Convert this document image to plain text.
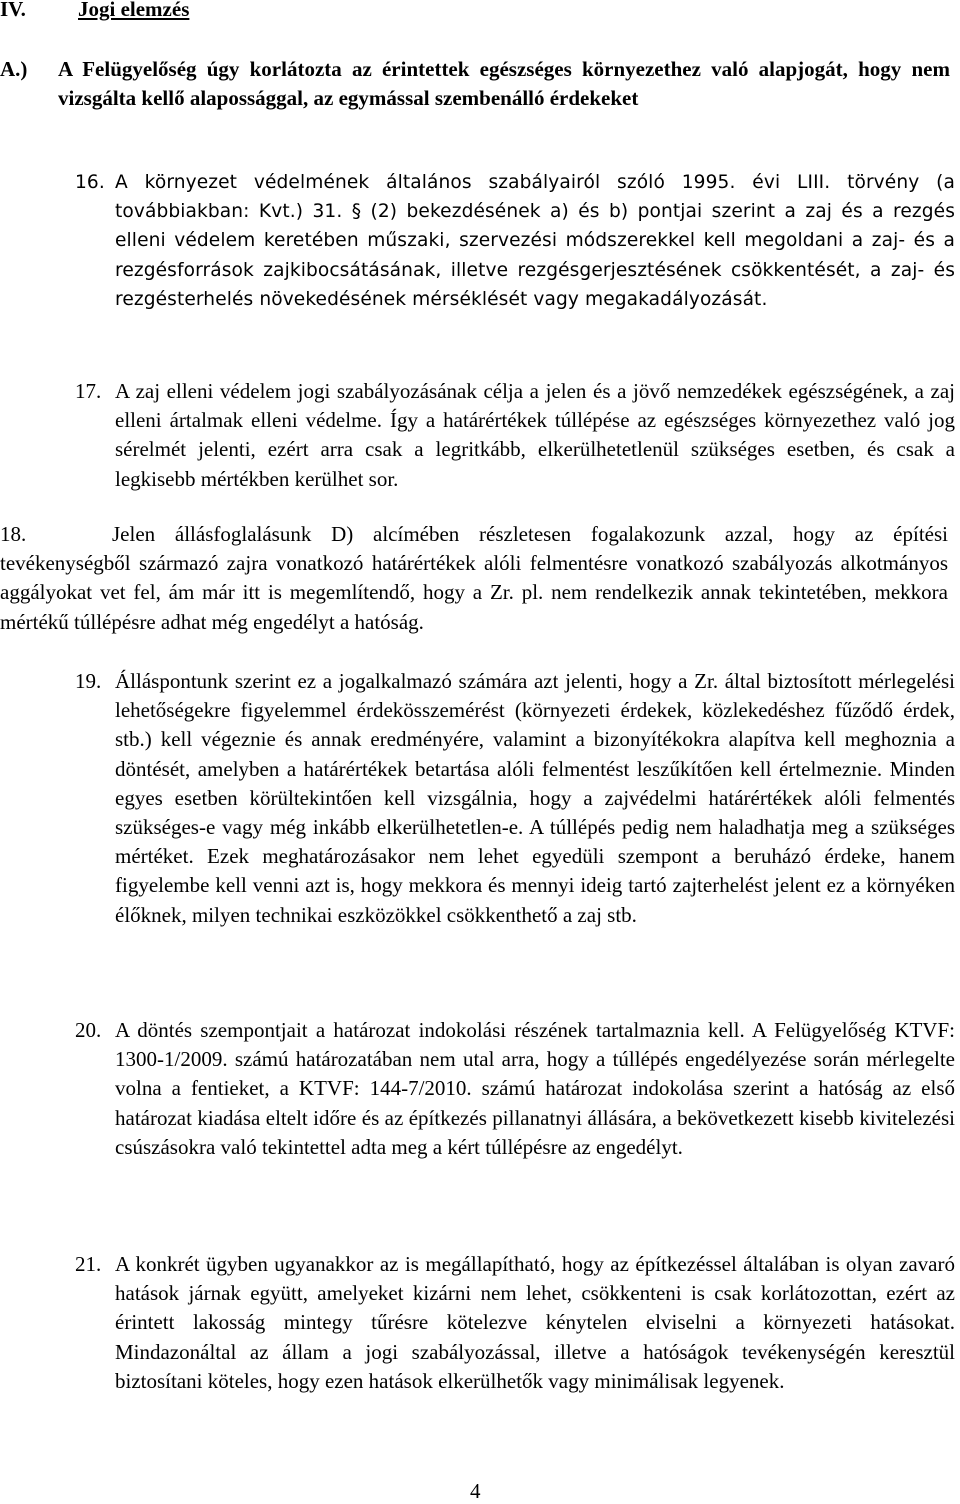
IV. Jogi elemzés
A.) A Felügyelőség úgy korlátozta az érintettek egészséges környezethez való alapjogát, hogy nem vizsgálta kellő alapossággal, az egymással szembenálló érdekeket
16. A környezet védelmének általános szabályairól szóló 1995. évi LIII. törvény (a továbbiakban: Kvt.) 31. § (2) bekezdésének a) és b) pontjai szerint a zaj és a rezgés elleni védelem keretében műszaki, szervezési módszerekkel kell megoldani a zaj- és a rezgésforrások zajkibocsátásának, illetve rezgésgerjesztésének csökkentését, a zaj- és rezgésterhelés növekedésének mérséklését vagy megakadályozását.
17. A zaj elleni védelem jogi szabályozásának célja a jelen és a jövő nemzedékek egészségének, a zaj elleni ártalmak elleni védelme. Így a határértékek túllépése az egészséges környezethez való jog sérelmét jelenti, ezért arra csak a legritkább, elkerülhetetlenül szükséges esetben, és csak a legkisebb mértékben kerülhet sor.
18.	Jelen állásfoglalásunk D) alcímében részletesen fogalakozunk azzal, hogy az építési tevékenységből származó zajra vonatkozó határértékek alóli felmentésre vonatkozó szabályozás alkotmányos aggályokat vet fel, ám már itt is megemlítendő, hogy a Zr. pl. nem rendelkezik annak tekintetében, mekkora mértékű túllépésre adhat még engedélyt a hatóság.
19. Álláspontunk szerint ez a jogalkalmazó számára azt jelenti, hogy a Zr. által biztosított mérlegelési lehetőségekre figyelemmel érdekösszemérést (környezeti érdekek, közlekedéshez fűződő érdek, stb.) kell végeznie és annak eredményére, valamint a bizonyítékokra alapítva kell meghoznia a döntését, amelyben a határértékek betartása alóli felmentést leszűkítően kell értelmeznie. Minden egyes esetben körültekintően kell vizsgálnia, hogy a zajvédelmi határértékek alóli felmentés szükséges-e vagy még inkább elkerülhetetlen-e. A túllépés pedig nem haladhatja meg a szükséges mértéket. Ezek meghatározásakor nem lehet egyedüli szempont a beruházó érdeke, hanem figyelembe kell venni azt is, hogy mekkora és mennyi ideig tartó zajterhelést jelent ez a környéken élőknek, milyen technikai eszközökkel csökkenthető a zaj stb.
20. A döntés szempontjait a határozat indokolási részének tartalmaznia kell. A Felügyelőség KTVF: 1300-1/2009. számú határozatában nem utal arra, hogy a túllépés engedélyezése során mérlegelte volna a fentieket, a KTVF: 144-7/2010. számú határozat indokolása szerint a hatóság az első határozat kiadása eltelt időre és az építkezés pillanatnyi állására, a bekövetkezett kisebb kivitelezési csúszásokra való tekintettel adta meg a kért túllépésre az engedélyt.
21. A konkrét ügyben ugyanakkor az is megállapítható, hogy az építkezéssel általában is olyan zavaró hatások járnak együtt, amelyeket kizárni nem lehet, csökkenteni is csak korlátozottan, ezért az érintett lakosság mintegy tűrésre kötelezve kénytelen elviselni a környezeti hatásokat. Mindazonáltal az állam a jogi szabályozással, illetve a hatóságok tevékenységén keresztül biztosítani köteles, hogy ezen hatások elkerülhetők vagy minimálisak legyenek.
4
